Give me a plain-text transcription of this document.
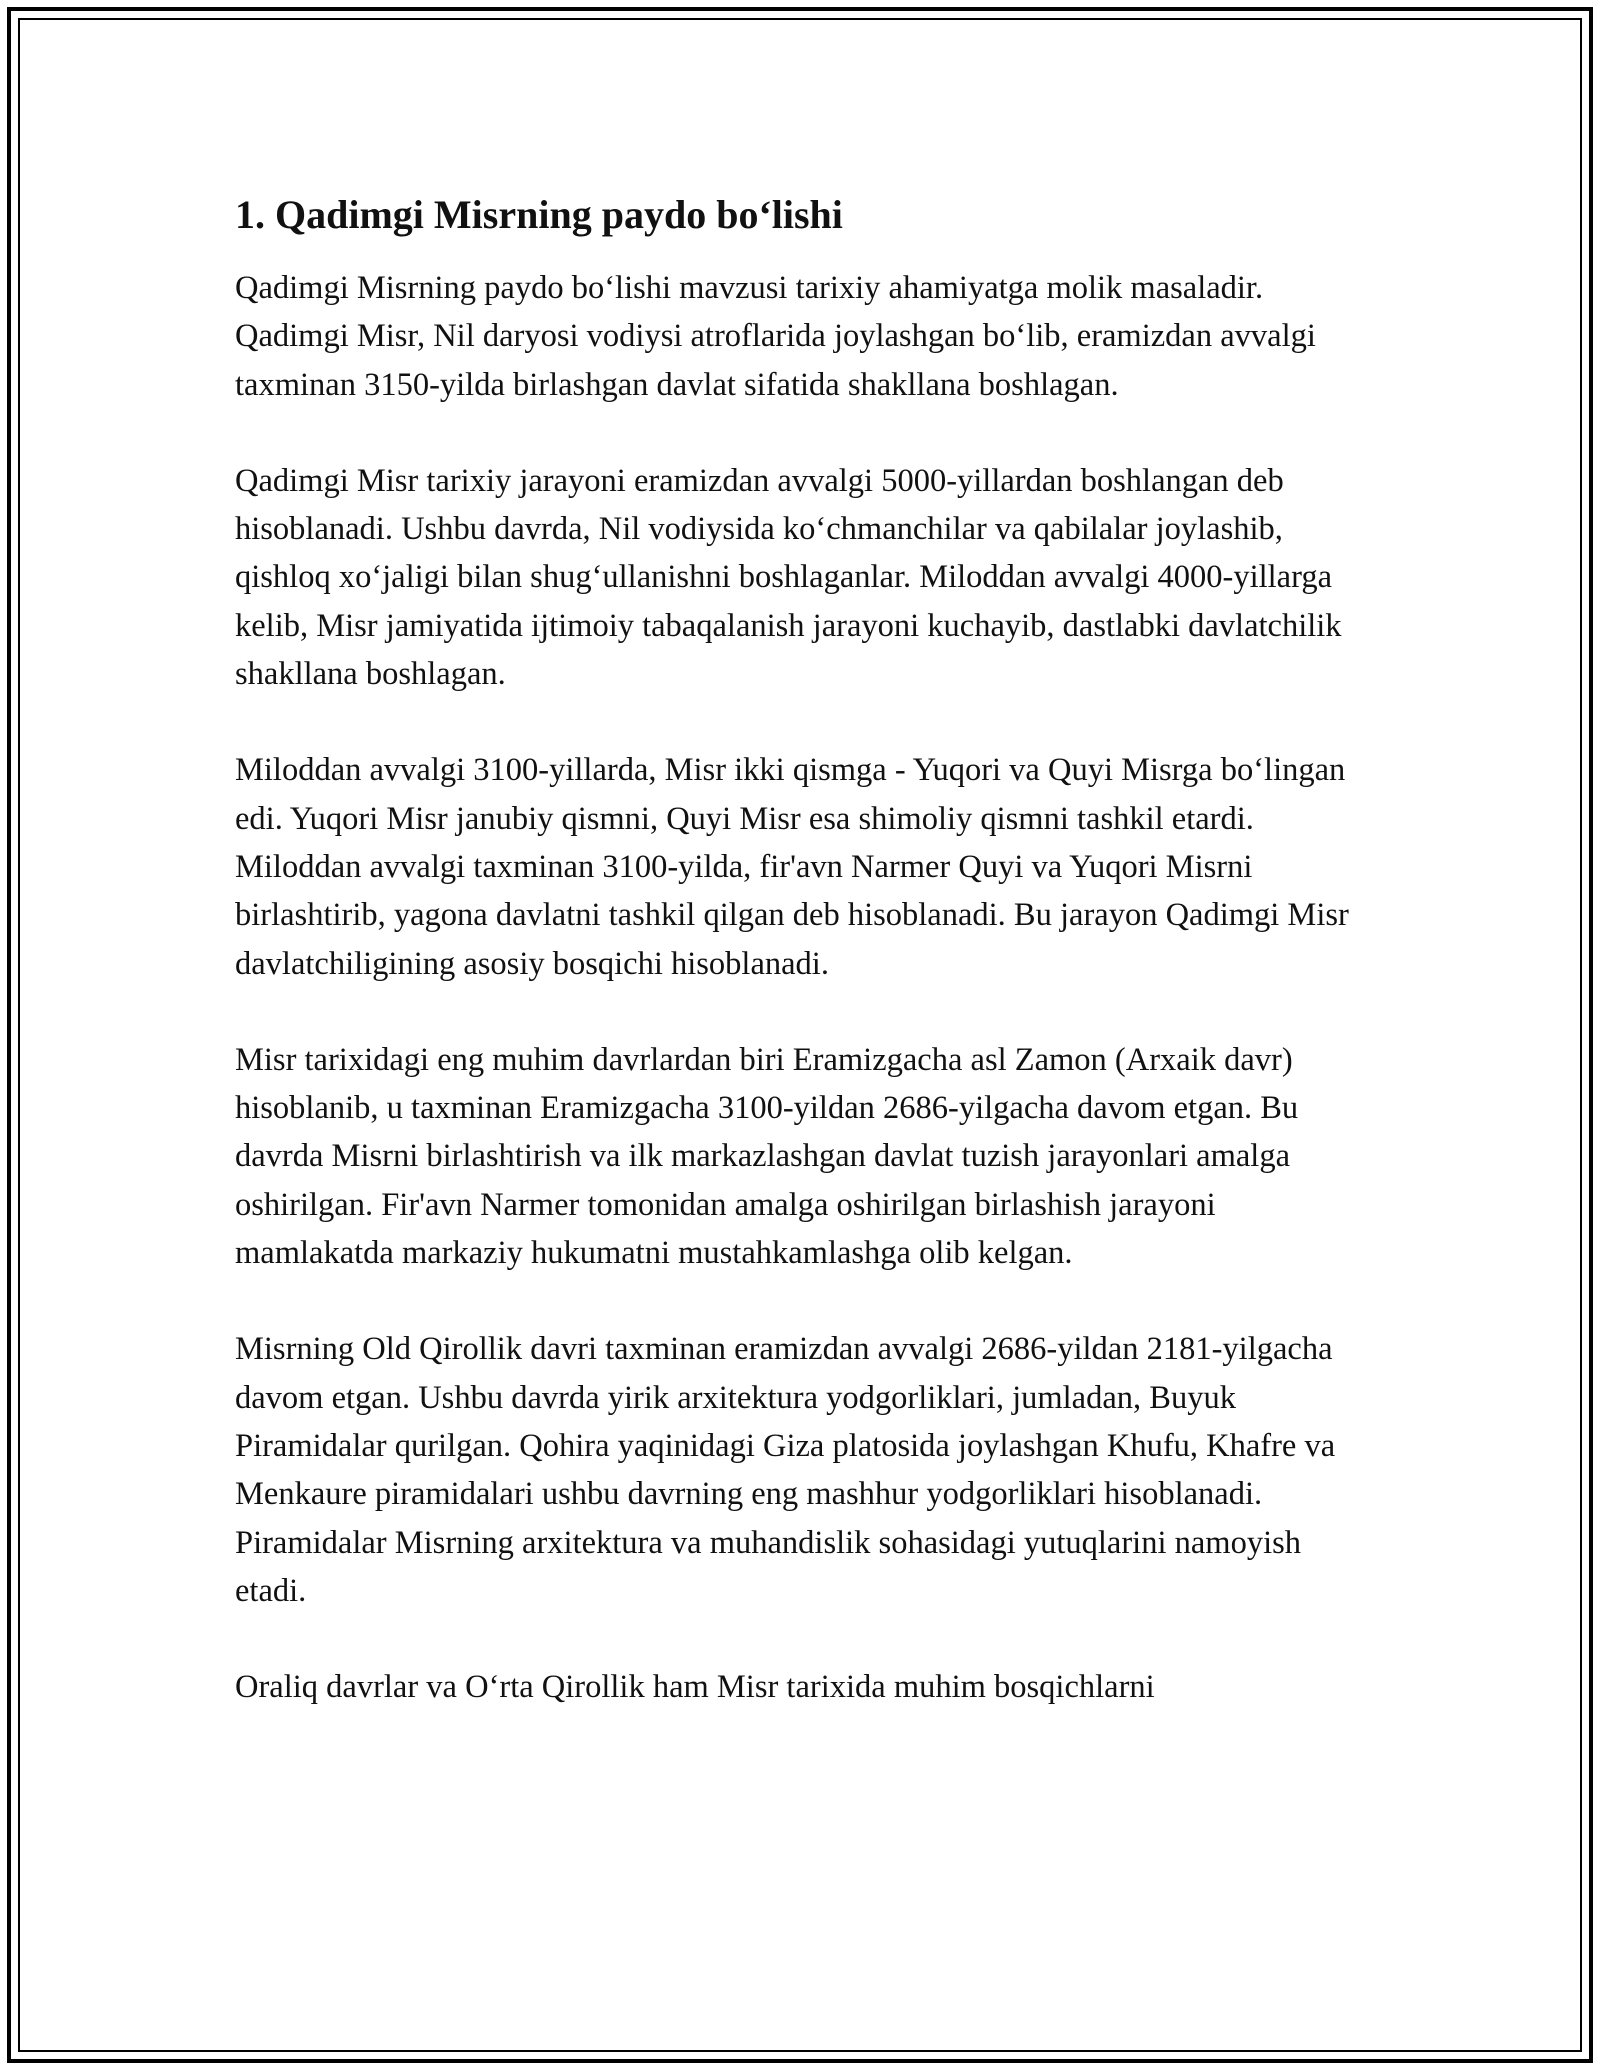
1. Qadimgi Misrning paydo bo‘lishi

Qadimgi Misrning paydo bo‘lishi mavzusi tarixiy ahamiyatga molik masaladir. Qadimgi Misr, Nil daryosi vodiysi atroflarida joylashgan bo‘lib, eramizdan avvalgi taxminan 3150-yilda birlashgan davlat sifatida shakllana boshlagan.

Qadimgi Misr tarixiy jarayoni eramizdan avvalgi 5000-yillardan boshlangan deb hisoblanadi. Ushbu davrda, Nil vodiysida ko‘chmanchilar va qabilalar joylashib, qishloq xo‘jaligi bilan shug‘ullanishni boshlaganlar. Miloddan avvalgi 4000-yillarga kelib, Misr jamiyatida ijtimoiy tabaqalanish jarayoni kuchayib, dastlabki davlatchilik shakllana boshlagan.

Miloddan avvalgi 3100-yillarda, Misr ikki qismga - Yuqori va Quyi Misrga bo‘lingan edi. Yuqori Misr janubiy qismni, Quyi Misr esa shimoliy qismni tashkil etardi. Miloddan avvalgi taxminan 3100-yilda, fir'avn Narmer Quyi va Yuqori Misrni birlashtirib, yagona davlatni tashkil qilgan deb hisoblanadi. Bu jarayon Qadimgi Misr davlatchiligining asosiy bosqichi hisoblanadi.

Misr tarixidagi eng muhim davrlardan biri Eramizgacha asl Zamon (Arxaik davr) hisoblanib, u taxminan Eramizgacha 3100-yildan 2686-yilgacha davom etgan. Bu davrda Misrni birlashtirish va ilk markazlashgan davlat tuzish jarayonlari amalga oshirilgan. Fir'avn Narmer tomonidan amalga oshirilgan birlashish jarayoni mamlakatda markaziy hukumatni mustahkamlashga olib kelgan.

Misrning Old Qirollik davri taxminan eramizdan avvalgi 2686-yildan 2181-yilgacha davom etgan. Ushbu davrda yirik arxitektura yodgorliklari, jumladan, Buyuk Piramidalar qurilgan. Qohira yaqinidagi Giza platosida joylashgan Khufu, Khafre va Menkaure piramidalari ushbu davrning eng mashhur yodgorliklari hisoblanadi. Piramidalar Misrning arxitektura va muhandislik sohasidagi yutuqlarini namoyish etadi.

Oraliq davrlar va O‘rta Qirollik ham Misr tarixida muhim bosqichlarni
